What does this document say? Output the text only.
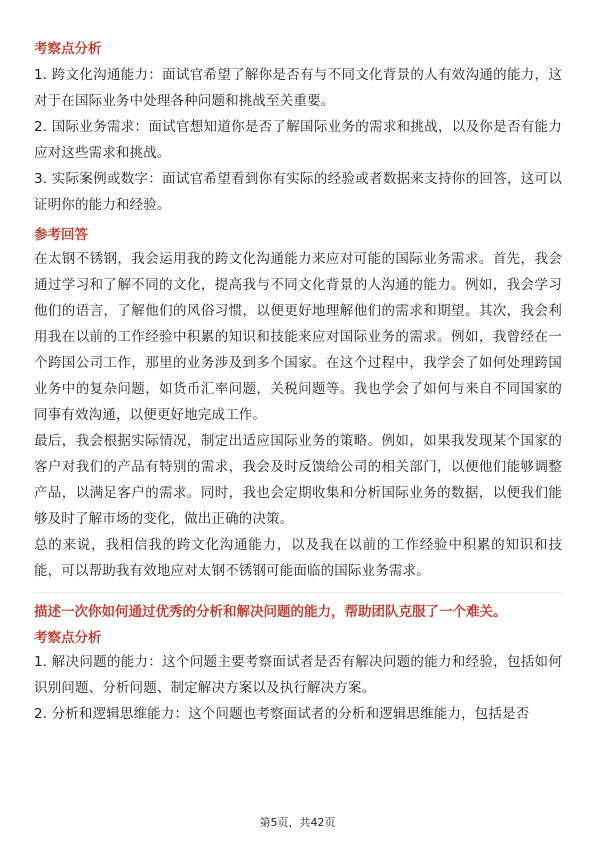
考察点分析

1. 跨文化沟通能力：面试官希望了解你是否有与不同文化背景的人有效沟通的能力，这对于在国际业务中处理各种问题和挑战至关重要。

2. 国际业务需求：面试官想知道你是否了解国际业务的需求和挑战，以及你是否有能力应对这些需求和挑战。

3. 实际案例或数字：面试官希望看到你有实际的经验或者数据来支持你的回答，这可以证明你的能力和经验。

参考回答

在太钢不锈钢，我会运用我的跨文化沟通能力来应对可能的国际业务需求。首先，我会通过学习和了解不同的文化，提高我与不同文化背景的人沟通的能力。例如，我会学习他们的语言，了解他们的风俗习惯，以便更好地理解他们的需求和期望。其次，我会利用我在以前的工作经验中积累的知识和技能来应对国际业务的需求。例如，我曾经在一个跨国公司工作，那里的业务涉及到多个国家。在这个过程中，我学会了如何处理跨国业务中的复杂问题，如货币汇率问题，关税问题等。我也学会了如何与来自不同国家的同事有效沟通，以便更好地完成工作。

最后，我会根据实际情况，制定出适应国际业务的策略。例如，如果我发现某个国家的客户对我们的产品有特别的需求，我会及时反馈给公司的相关部门，以便他们能够调整产品，以满足客户的需求。同时，我也会定期收集和分析国际业务的数据，以便我们能够及时了解市场的变化，做出正确的决策。

总的来说，我相信我的跨文化沟通能力，以及我在以前的工作经验中积累的知识和技能，可以帮助我有效地应对太钢不锈钢可能面临的国际业务需求。

描述一次你如何通过优秀的分析和解决问题的能力，帮助团队克服了一个难关。
考察点分析

1. 解决问题的能力：这个问题主要考察面试者是否有解决问题的能力和经验，包括如何识别问题、分析问题、制定解决方案以及执行解决方案。

2. 分析和逻辑思维能力：这个问题也考察面试者的分析和逻辑思维能力，包括是否

第5页，共42页
